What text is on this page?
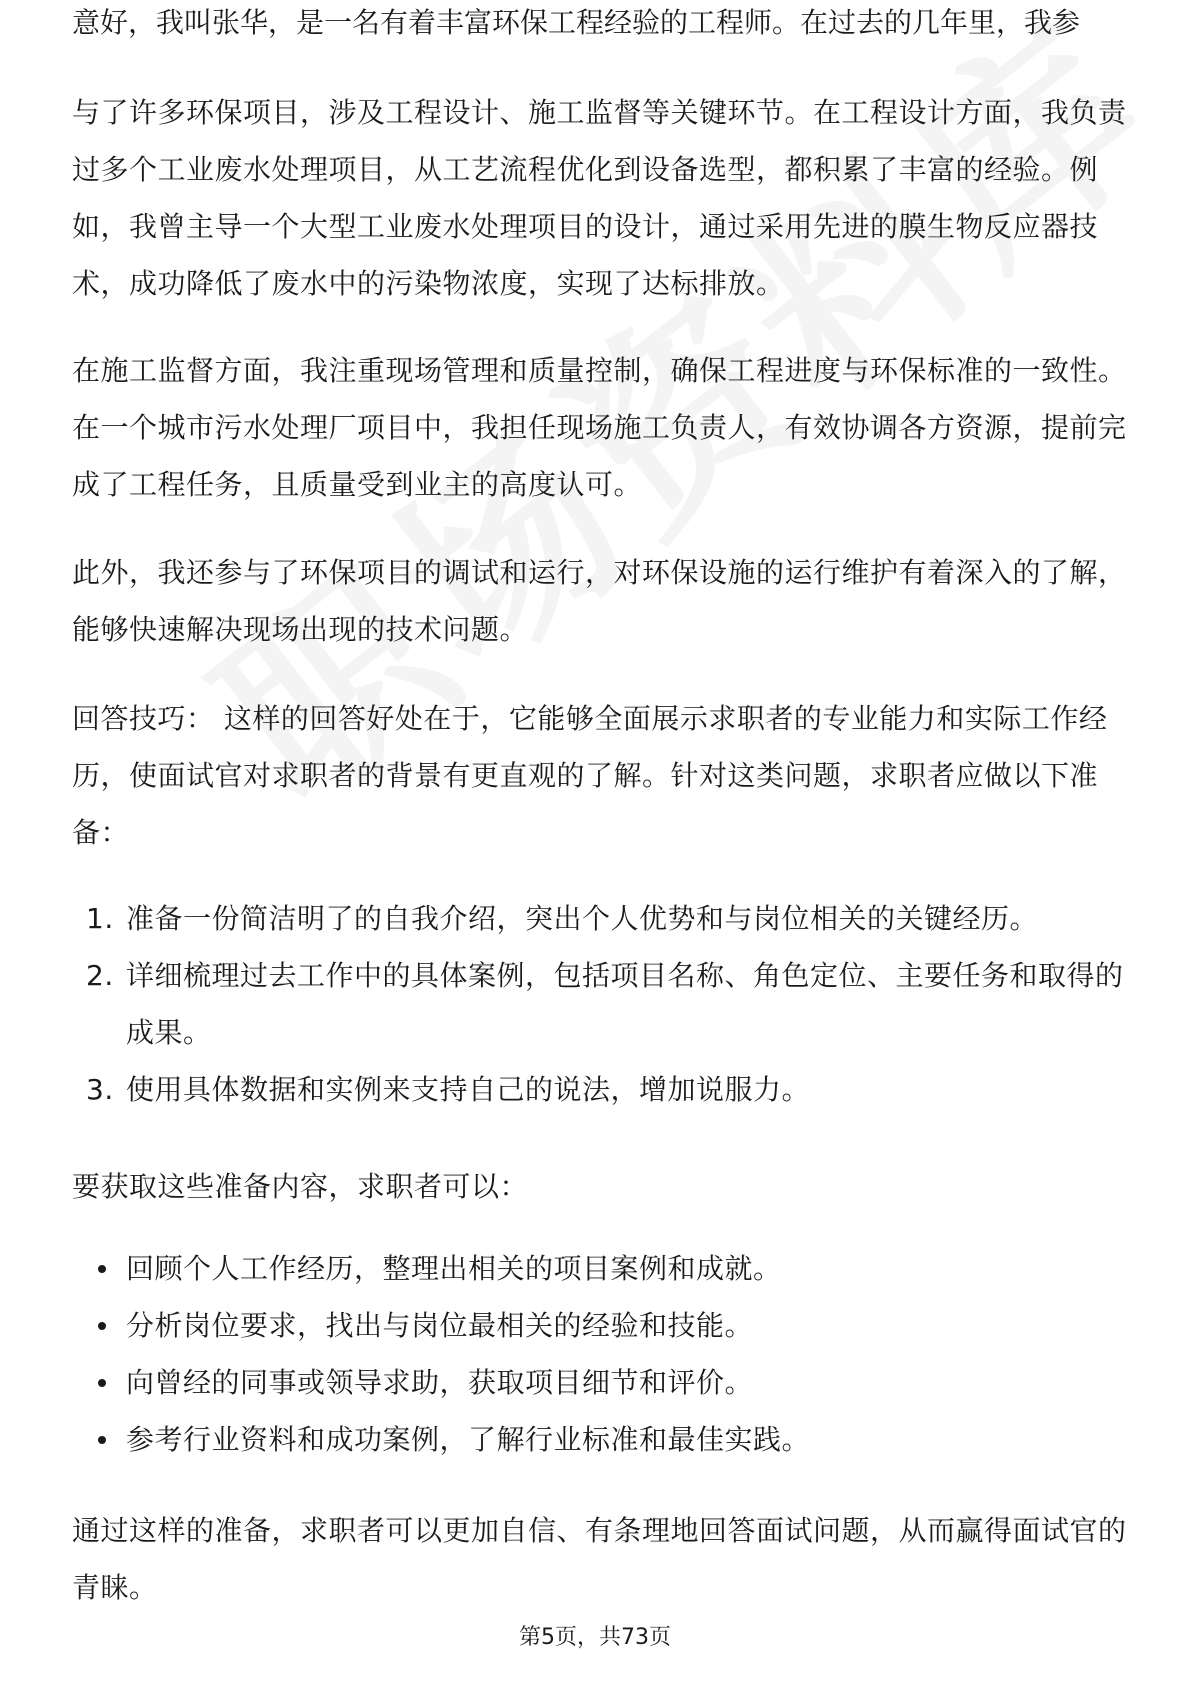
意好，我叫张华，是一名有着丰富环保工程经验的工程师。在过去的几年里，我参

与了许多环保项目，涉及工程设计、施工监督等关键环节。在工程设计方面，我负责过多个工业废水处理项目，从工艺流程优化到设备选型，都积累了丰富的经验。例如，我曾主导一个大型工业废水处理项目的设计，通过采用先进的膜生物反应器技术，成功降低了废水中的污染物浓度，实现了达标排放。

在施工监督方面，我注重现场管理和质量控制，确保工程进度与环保标准的一致性。在一个城市污水处理厂项目中，我担任现场施工负责人，有效协调各方资源，提前完成了工程任务，且质量受到业主的高度认可。

此外，我还参与了环保项目的调试和运行，对环保设施的运行维护有着深入的了解，能够快速解决现场出现的技术问题。

回答技巧： 这样的回答好处在于，它能够全面展示求职者的专业能力和实际工作经历，使面试官对求职者的背景有更直观的了解。针对这类问题，求职者应做以下准备：

1. 准备一份简洁明了的自我介绍，突出个人优势和与岗位相关的关键经历。
2. 详细梳理过去工作中的具体案例，包括项目名称、角色定位、主要任务和取得的成果。
3. 使用具体数据和实例来支持自己的说法，增加说服力。

要获取这些准备内容，求职者可以：

回顾个人工作经历，整理出相关的项目案例和成就。
分析岗位要求，找出与岗位最相关的经验和技能。
向曾经的同事或领导求助，获取项目细节和评价。
参考行业资料和成功案例，了解行业标准和最佳实践。

通过这样的准备，求职者可以更加自信、有条理地回答面试问题，从而赢得面试官的青睐。

第5页，共73页
